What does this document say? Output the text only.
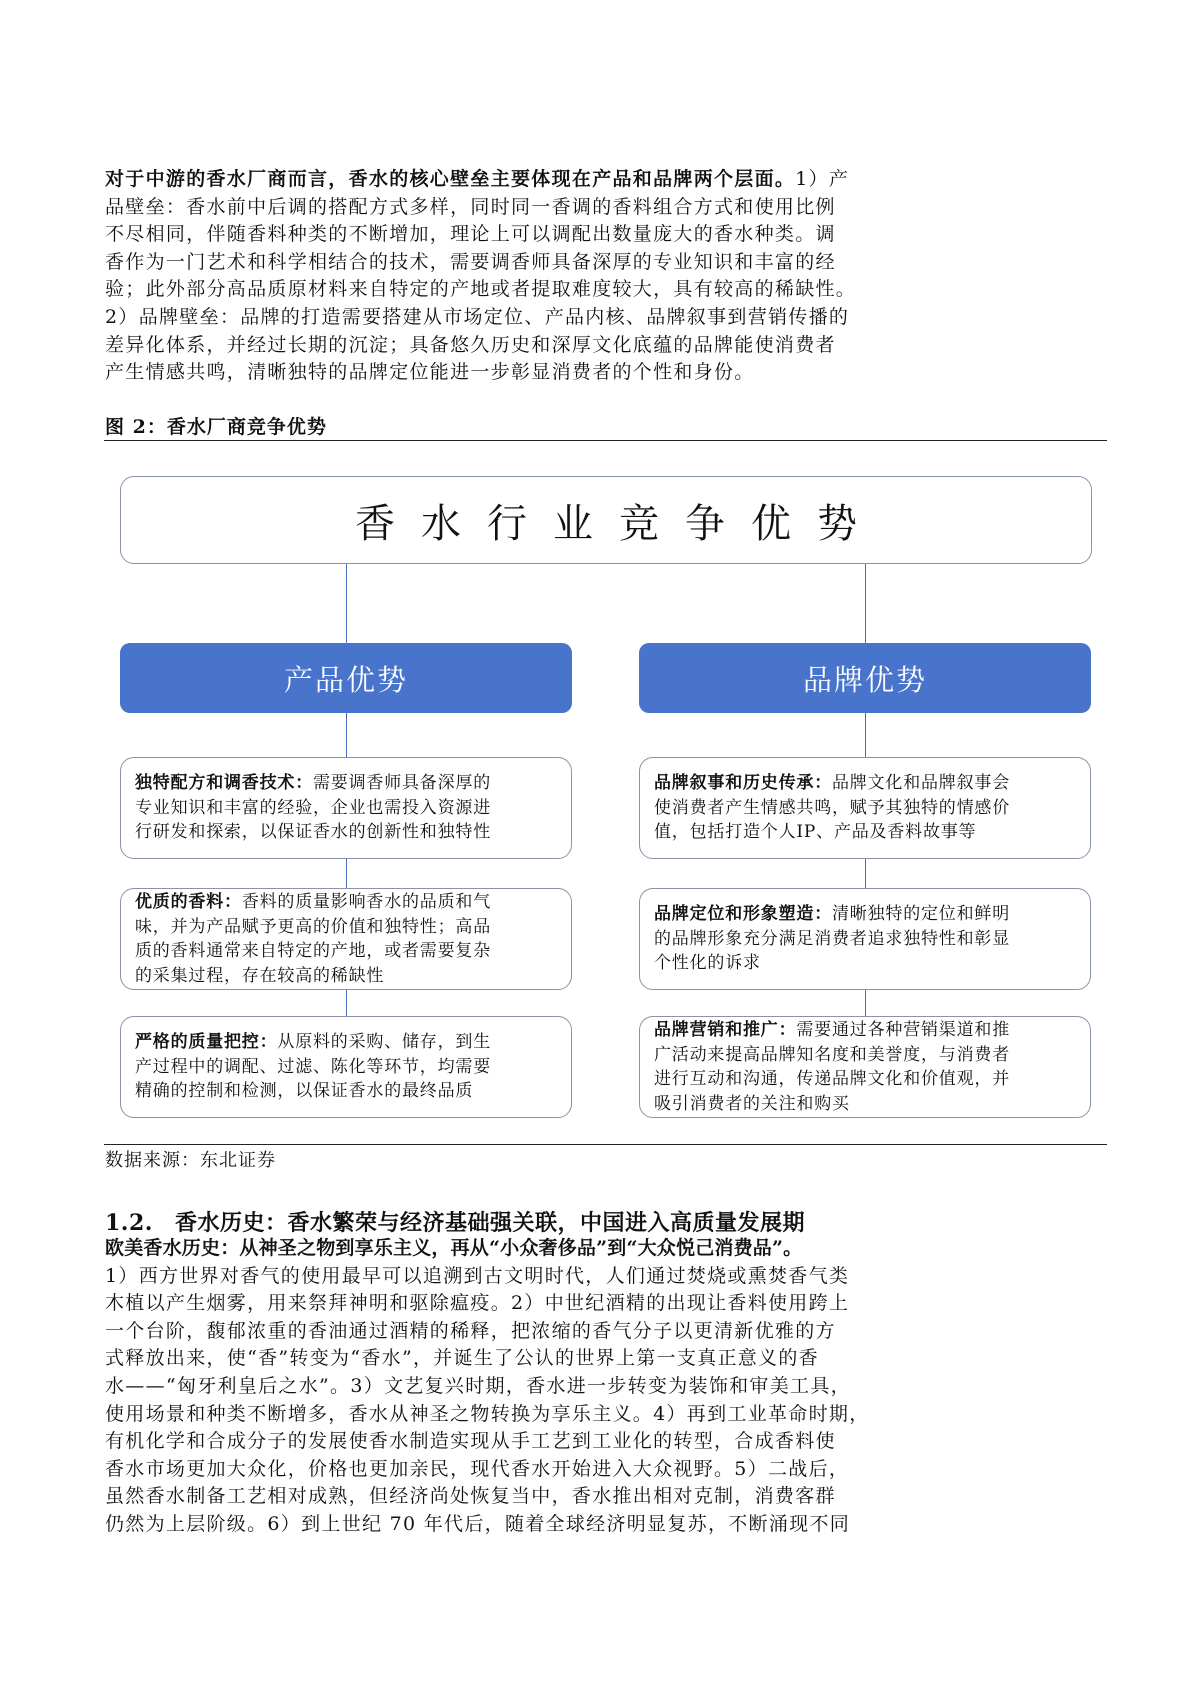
对于中游的香水厂商而言，香水的核心壁垒主要体现在产品和品牌两个层面。1）产
品壁垒：香水前中后调的搭配方式多样，同时同一香调的香料组合方式和使用比例
不尽相同，伴随香料种类的不断增加，理论上可以调配出数量庞大的香水种类。调
香作为一门艺术和科学相结合的技术，需要调香师具备深厚的专业知识和丰富的经
验；此外部分高品质原材料来自特定的产地或者提取难度较大，具有较高的稀缺性。
2）品牌壁垒：品牌的打造需要搭建从市场定位、产品内核、品牌叙事到营销传播的
差异化体系，并经过长期的沉淀；具备悠久历史和深厚文化底蕴的品牌能使消费者
产生情感共鸣，清晰独特的品牌定位能进一步彰显消费者的个性和身份。
图 2：香水厂商竞争优势
香水行业竞争优势
产品优势	品牌优势
独特配方和调香技术：需要调香师具备深厚的
专业知识和丰富的经验，企业也需投入资源进
行研发和探索，以保证香水的创新性和独特性
优质的香料：香料的质量影响香水的品质和气
味，并为产品赋予更高的价值和独特性；高品
质的香料通常来自特定的产地，或者需要复杂
的采集过程，存在较高的稀缺性
严格的质量把控：从原料的采购、储存，到生
产过程中的调配、过滤、陈化等环节，均需要
精确的控制和检测，以保证香水的最终品质
品牌叙事和历史传承：品牌文化和品牌叙事会
使消费者产生情感共鸣，赋予其独特的情感价
值，包括打造个人IP、产品及香料故事等
品牌定位和形象塑造：清晰独特的定位和鲜明
的品牌形象充分满足消费者追求独特性和彰显
个性化的诉求
品牌营销和推广：需要通过各种营销渠道和推
广活动来提高品牌知名度和美誉度，与消费者
进行互动和沟通，传递品牌文化和价值观，并
吸引消费者的关注和购买
数据来源：东北证券
1.2. 香水历史：香水繁荣与经济基础强关联，中国进入高质量发展期
欧美香水历史：从神圣之物到享乐主义，再从“小众奢侈品”到“大众悦己消费品”。
1）西方世界对香气的使用最早可以追溯到古文明时代，人们通过焚烧或熏焚香气类
木植以产生烟雾，用来祭拜神明和驱除瘟疫。2）中世纪酒精的出现让香料使用跨上
一个台阶，馥郁浓重的香油通过酒精的稀释，把浓缩的香气分子以更清新优雅的方
式释放出来，使“香”转变为“香水”，并诞生了公认的世界上第一支真正意义的香
水——“匈牙利皇后之水”。3）文艺复兴时期，香水进一步转变为装饰和审美工具，
使用场景和种类不断增多，香水从神圣之物转换为享乐主义。4）再到工业革命时期，
有机化学和合成分子的发展使香水制造实现从手工艺到工业化的转型，合成香料使
香水市场更加大众化，价格也更加亲民，现代香水开始进入大众视野。5）二战后，
虽然香水制备工艺相对成熟，但经济尚处恢复当中，香水推出相对克制，消费客群
仍然为上层阶级。6）到上世纪 70 年代后，随着全球经济明显复苏，不断涌现不同
